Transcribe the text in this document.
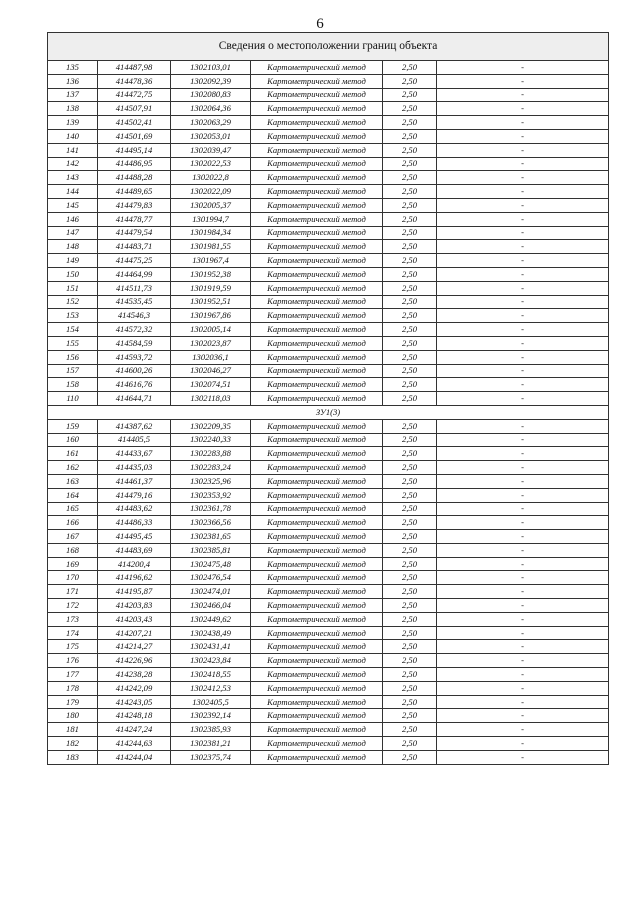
6
Сведения о местоположении границ объекта					
135	414487,98	1302103,01	Картометрический метод	2,50	-
136	414478,36	1302092,39	Картометрический метод	2,50	-
137	414472,75	1302080,83	Картометрический метод	2,50	-
138	414507,91	1302064,36	Картометрический метод	2,50	-
139	414502,41	1302063,29	Картометрический метод	2,50	-
140	414501,69	1302053,01	Картометрический метод	2,50	-
141	414495,14	1302039,47	Картометрический метод	2,50	-
142	414486,95	1302022,53	Картометрический метод	2,50	-
143	414488,28	1302022,8	Картометрический метод	2,50	-
144	414489,65	1302022,09	Картометрический метод	2,50	-
145	414479,83	1302005,37	Картометрический метод	2,50	-
146	414478,77	1301994,7	Картометрический метод	2,50	-
147	414479,54	1301984,34	Картометрический метод	2,50	-
148	414483,71	1301981,55	Картометрический метод	2,50	-
149	414475,25	1301967,4	Картометрический метод	2,50	-
150	414464,99	1301952,38	Картометрический метод	2,50	-
151	414511,73	1301919,59	Картометрический метод	2,50	-
152	414535,45	1301952,51	Картометрический метод	2,50	-
153	414546,3	1301967,86	Картометрический метод	2,50	-
154	414572,32	1302005,14	Картометрический метод	2,50	-
155	414584,59	1302023,87	Картометрический метод	2,50	-
156	414593,72	1302036,1	Картометрический метод	2,50	-
157	414600,26	1302046,27	Картометрический метод	2,50	-
158	414616,76	1302074,51	Картометрический метод	2,50	-
110	414644,71	1302118,03	Картометрический метод	2,50	-
ЗУ1(3)					
159	414387,62	1302209,35	Картометрический метод	2,50	-
160	414405,5	1302240,33	Картометрический метод	2,50	-
161	414433,67	1302283,88	Картометрический метод	2,50	-
162	414435,03	1302283,24	Картометрический метод	2,50	-
163	414461,37	1302325,96	Картометрический метод	2,50	-
164	414479,16	1302353,92	Картометрический метод	2,50	-
165	414483,62	1302361,78	Картометрический метод	2,50	-
166	414486,33	1302366,56	Картометрический метод	2,50	-
167	414495,45	1302381,65	Картометрический метод	2,50	-
168	414483,69	1302385,81	Картометрический метод	2,50	-
169	414200,4	1302475,48	Картометрический метод	2,50	-
170	414196,62	1302476,54	Картометрический метод	2,50	-
171	414195,87	1302474,01	Картометрический метод	2,50	-
172	414203,83	1302466,04	Картометрический метод	2,50	-
173	414203,43	1302449,62	Картометрический метод	2,50	-
174	414207,21	1302438,49	Картометрический метод	2,50	-
175	414214,27	1302431,41	Картометрический метод	2,50	-
176	414226,96	1302423,84	Картометрический метод	2,50	-
177	414238,28	1302418,55	Картометрический метод	2,50	-
178	414242,09	1302412,53	Картометрический метод	2,50	-
179	414243,05	1302405,5	Картометрический метод	2,50	-
180	414248,18	1302392,14	Картометрический метод	2,50	-
181	414247,24	1302385,93	Картометрический метод	2,50	-
182	414244,63	1302381,21	Картометрический метод	2,50	-
183	414244,04	1302375,74	Картометрический метод	2,50	-
